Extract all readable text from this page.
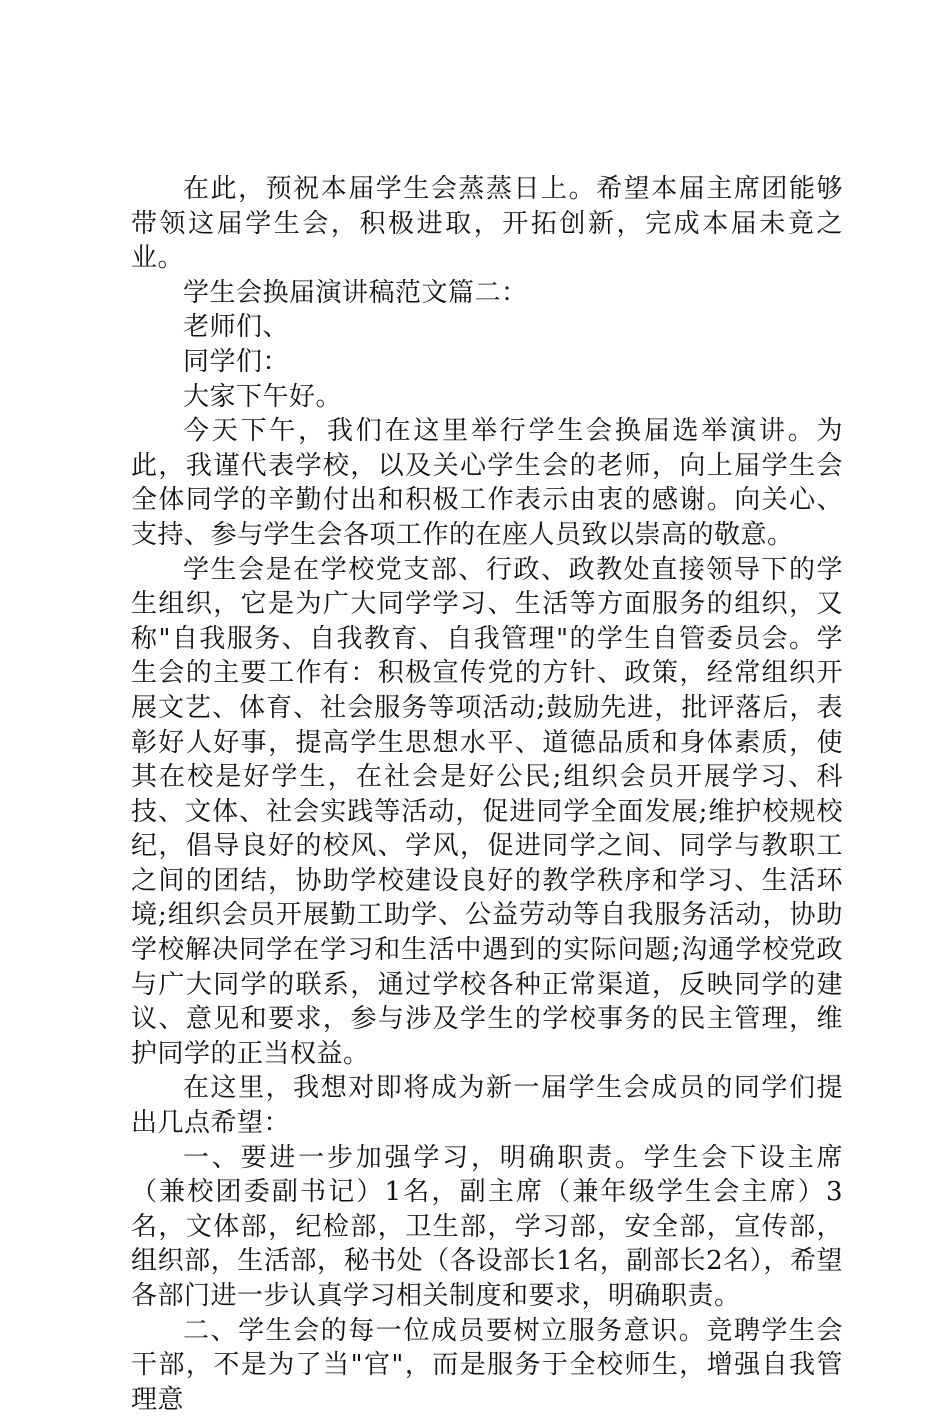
在此，预祝本届学生会蒸蒸日上。希望本届主席团能够带领这届学生会，积极进取，开拓创新，完成本届未竟之业。

学生会换届演讲稿范文篇二：

老师们、

同学们：

大家下午好。

今天下午，我们在这里举行学生会换届选举演讲。为此，我谨代表学校，以及关心学生会的老师，向上届学生会全体同学的辛勤付出和积极工作表示由衷的感谢。向关心、支持、参与学生会各项工作的在座人员致以崇高的敬意。

学生会是在学校党支部、行政、政教处直接领导下的学生组织，它是为广大同学学习、生活等方面服务的组织，又称"自我服务、自我教育、自我管理"的学生自管委员会。学生会的主要工作有：积极宣传党的方针、政策，经常组织开展文艺、体育、社会服务等项活动;鼓励先进，批评落后，表彰好人好事，提高学生思想水平、道德品质和身体素质，使其在校是好学生，在社会是好公民;组织会员开展学习、科技、文体、社会实践等活动，促进同学全面发展;维护校规校纪，倡导良好的校风、学风，促进同学之间、同学与教职工之间的团结，协助学校建设良好的教学秩序和学习、生活环境;组织会员开展勤工助学、公益劳动等自我服务活动，协助学校解决同学在学习和生活中遇到的实际问题;沟通学校党政与广大同学的联系，通过学校各种正常渠道，反映同学的建议、意见和要求，参与涉及学生的学校事务的民主管理，维护同学的正当权益。

在这里，我想对即将成为新一届学生会成员的同学们提出几点希望：

一、要进一步加强学习，明确职责。学生会下设主席（兼校团委副书记）1名，副主席（兼年级学生会主席）3名，文体部，纪检部，卫生部，学习部，安全部，宣传部，组织部，生活部，秘书处（各设部长1名，副部长2名），希望各部门进一步认真学习相关制度和要求，明确职责。

二、学生会的每一位成员要树立服务意识。竞聘学生会干部，不是为了当"官"，而是服务于全校师生，增强自我管理意
